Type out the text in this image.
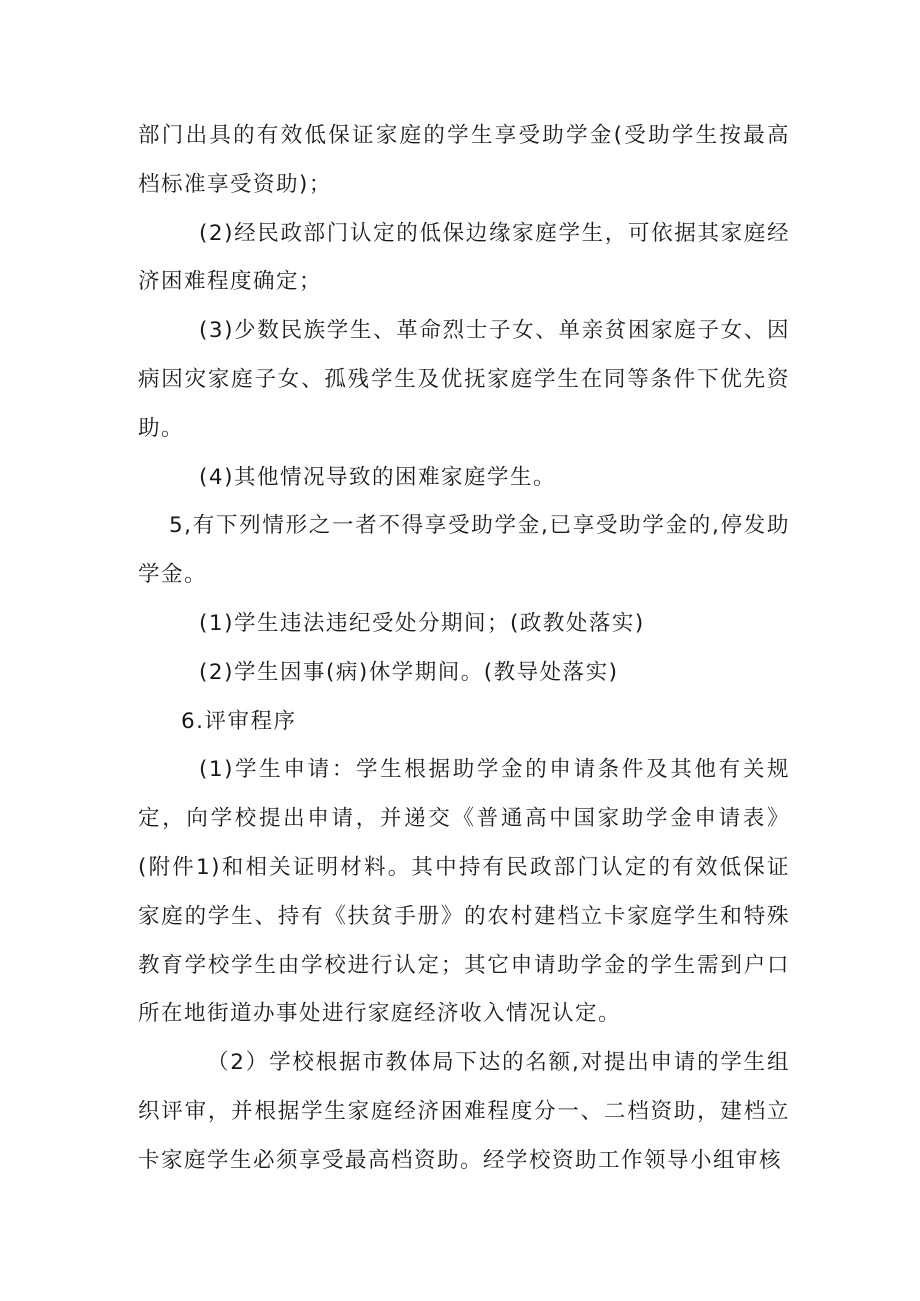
部门出具的有效低保证家庭的学生享受助学金(受助学生按最高档标准享受资助)；

(2)经民政部门认定的低保边缘家庭学生，可依据其家庭经济困难程度确定；

(3)少数民族学生、革命烈士子女、单亲贫困家庭子女、因病因灾家庭子女、孤残学生及优抚家庭学生在同等条件下优先资助。

(4)其他情况导致的困难家庭学生。

5,有下列情形之一者不得享受助学金,已享受助学金的,停发助学金。

(1)学生违法违纪受处分期间；(政教处落实)

(2)学生因事(病)休学期间。(教导处落实)

6.评审程序

(1)学生申请：学生根据助学金的申请条件及其他有关规定，向学校提出申请，并递交《普通高中国家助学金申请表》(附件1)和相关证明材料。其中持有民政部门认定的有效低保证家庭的学生、持有《扶贫手册》的农村建档立卡家庭学生和特殊教育学校学生由学校进行认定；其它申请助学金的学生需到户口所在地街道办事处进行家庭经济收入情况认定。

（2）学校根据市教体局下达的名额,对提出申请的学生组织评审，并根据学生家庭经济困难程度分一、二档资助，建档立卡家庭学生必须享受最高档资助。经学校资助工作领导小组审核
